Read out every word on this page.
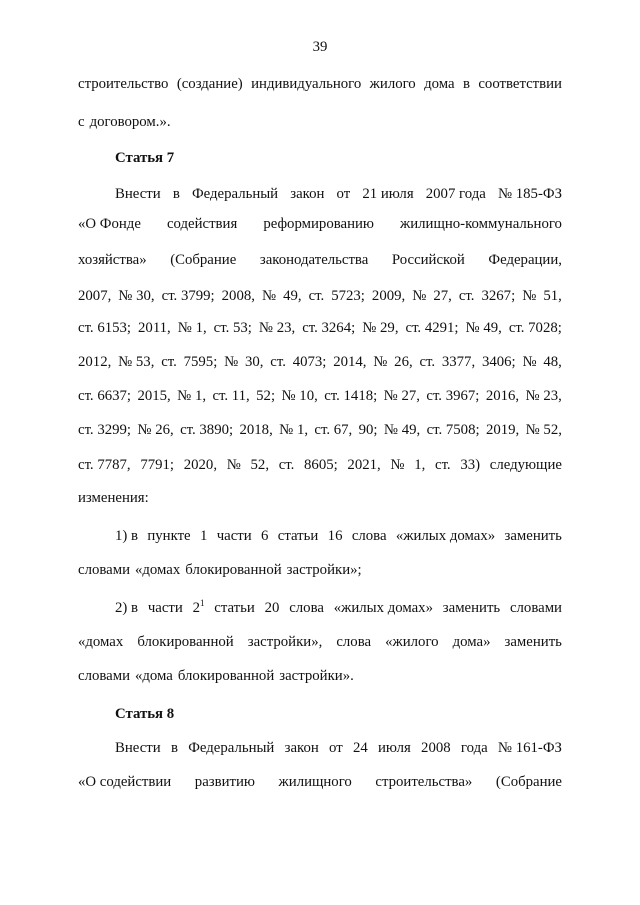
39
строительство (создание) индивидуального жилого дома в соответствии
с договором.».
Статья 7
Внести в Федеральный закон от 21 июля 2007 года № 185-ФЗ
«О Фонде содействия реформированию жилищно-коммунального
хозяйства» (Собрание законодательства Российской Федерации,
2007, № 30, ст. 3799; 2008, № 49, ст. 5723; 2009, № 27, ст. 3267; № 51,
ст. 6153; 2011, № 1, ст. 53; № 23, ст. 3264; № 29, ст. 4291; № 49, ст. 7028;
2012, № 53, ст. 7595; № 30, ст. 4073; 2014, № 26, ст. 3377, 3406; № 48,
ст. 6637; 2015, № 1, ст. 11, 52; № 10, ст. 1418; № 27, ст. 3967; 2016, № 23,
ст. 3299; № 26, ст. 3890; 2018, № 1, ст. 67, 90; № 49, ст. 7508; 2019, № 52,
ст. 7787, 7791; 2020, № 52, ст. 8605; 2021, № 1, ст. 33) следующие
изменения:
1) в пункте 1 части 6 статьи 16 слова «жилых домах» заменить
словами «домах блокированной застройки»;
2) в части $2^1$ статьи 20 слова «жилых домах» заменить словами
«домах блокированной застройки», слова «жилого дома» заменить
словами «дома блокированной застройки».
Статья 8
Внести в Федеральный закон от 24 июля 2008 года № 161-ФЗ
«О содействии развитию жилищного строительства» (Собрание
